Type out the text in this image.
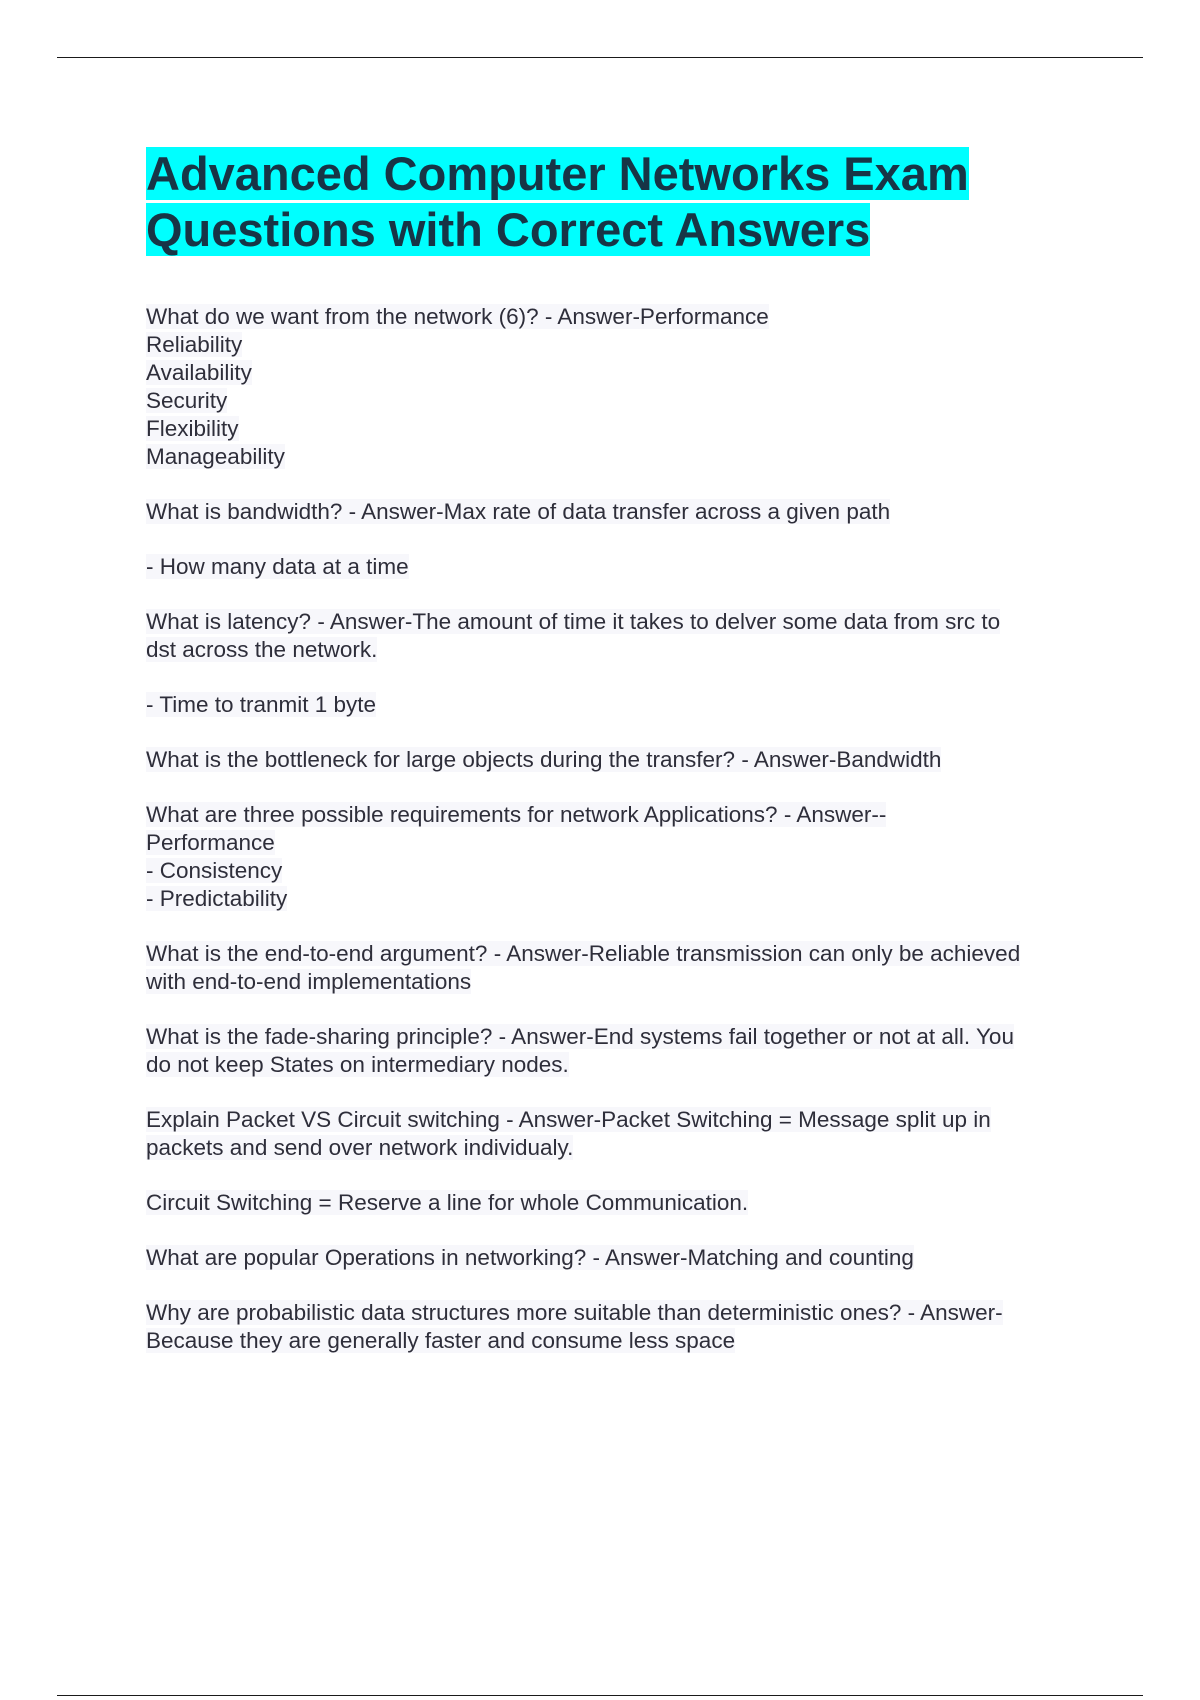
Advanced Computer Networks Exam
Questions with Correct Answers

What do we want from the network (6)? - Answer-Performance
Reliability
Availability
Security
Flexibility
Manageability

What is bandwidth? - Answer-Max rate of data transfer across a given path

- How many data at a time

What is latency? - Answer-The amount of time it takes to delver some data from src to
dst across the network.

- Time to tranmit 1 byte

What is the bottleneck for large objects during the transfer? - Answer-Bandwidth

What are three possible requirements for network Applications? - Answer--
Performance
- Consistency
- Predictability

What is the end-to-end argument? - Answer-Reliable transmission can only be achieved
with end-to-end implementations

What is the fade-sharing principle? - Answer-End systems fail together or not at all. You
do not keep States on intermediary nodes.

Explain Packet VS Circuit switching - Answer-Packet Switching = Message split up in
packets and send over network individualy.

Circuit Switching = Reserve a line for whole Communication.

What are popular Operations in networking? - Answer-Matching and counting

Why are probabilistic data structures more suitable than deterministic ones? - Answer-
Because they are generally faster and consume less space
